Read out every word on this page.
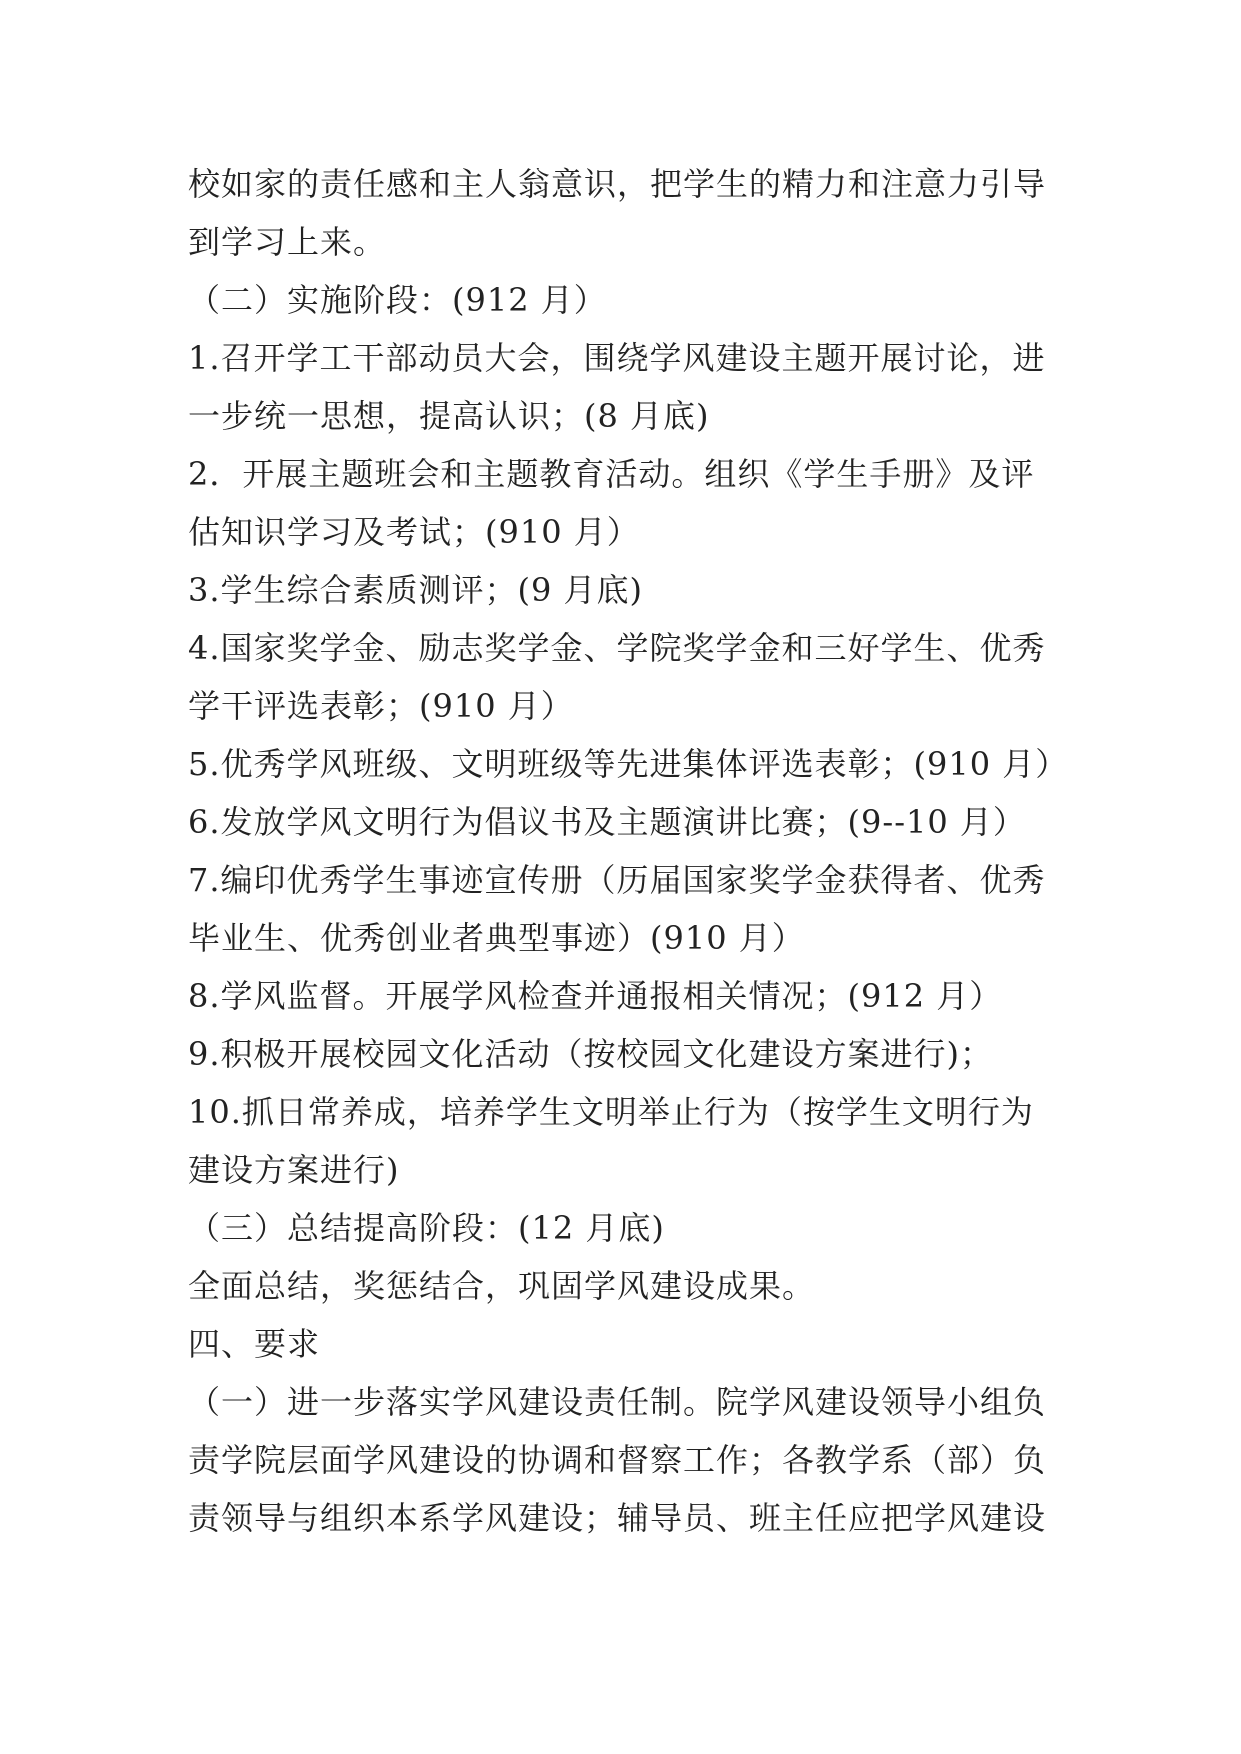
校如家的责任感和主人翁意识，把学生的精力和注意力引导
到学习上来。
（二）实施阶段：(912 月）
1.召开学工干部动员大会，围绕学风建设主题开展讨论，进
一步统一思想，提高认识；(8 月底)
2．开展主题班会和主题教育活动。组织《学生手册》及评
估知识学习及考试；(910 月）
3.学生综合素质测评；(9 月底)
4.国家奖学金、励志奖学金、学院奖学金和三好学生、优秀
学干评选表彰；(910 月）
5.优秀学风班级、文明班级等先进集体评选表彰；(910 月）
6.发放学风文明行为倡议书及主题演讲比赛；(9--10 月）
7.编印优秀学生事迹宣传册（历届国家奖学金获得者、优秀
毕业生、优秀创业者典型事迹）(910 月）
8.学风监督。开展学风检查并通报相关情况；(912 月）
9.积极开展校园文化活动（按校园文化建设方案进行)；
10.抓日常养成，培养学生文明举止行为（按学生文明行为
建设方案进行)
（三）总结提高阶段：(12 月底)
全面总结，奖惩结合，巩固学风建设成果。
四、要求
（一）进一步落实学风建设责任制。院学风建设领导小组负
责学院层面学风建设的协调和督察工作；各教学系（部）负
责领导与组织本系学风建设；辅导员、班主任应把学风建设
